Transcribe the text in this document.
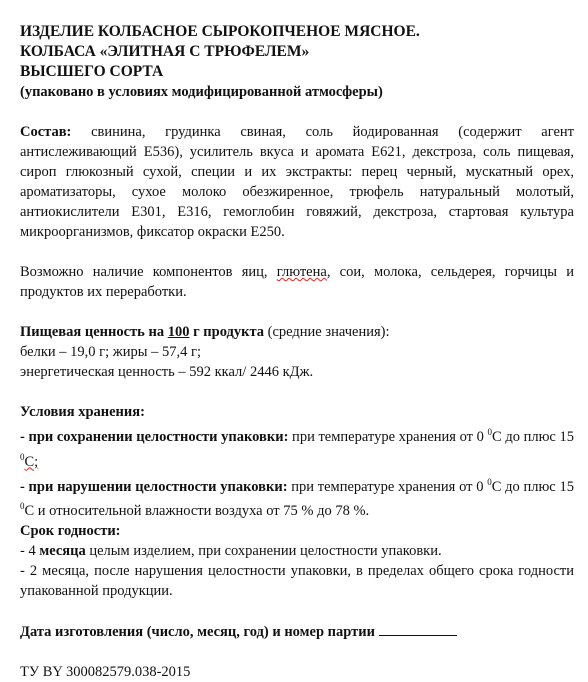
ИЗДЕЛИЕ КОЛБАСНОЕ СЫРОКОПЧЕНОЕ МЯСНОЕ.

КОЛБАСА «ЭЛИТНАЯ С ТРЮФЕЛЕМ»

ВЫСШЕГО СОРТА

(упаковано в условиях модифицированной атмосферы)

Состав: свинина, грудинка свиная, соль йодированная (содержит агент антислеживающий Е536), усилитель вкуса и аромата Е621, декстроза, соль пищевая, сироп глюкозный сухой, специи и их экстракты: перец черный, мускатный орех, ароматизаторы, сухое молоко обезжиренное, трюфель натуральный молотый, антиокислители Е301, Е316, гемоглобин говяжий, декстроза, стартовая культура микроорганизмов, фиксатор окраски Е250.

Возможно наличие компонентов яиц, глютена, сои, молока, сельдерея, горчицы и продуктов их переработки.

Пищевая ценность на 100 г продукта (средние значения):

белки – 19,0 г; жиры – 57,4 г;

энергетическая ценность – 592 ккал/ 2446 кДж.

Условия хранения:

- при сохранении целостности упаковки: при температуре хранения от 0 $^0$С до плюс 15 $^0$С;

- при нарушении целостности упаковки: при температуре хранения от 0 $^0$С до плюс 15 $^0$С и относительной влажности воздуха от 75 % до 78 %.

Срок годности:

- 4 месяца целым изделием, при сохранении целостности упаковки.

- 2 месяца, после нарушения целостности упаковки, в пределах общего срока годности упакованной продукции.

Дата изготовления (число, месяц, год) и номер партии

ТУ BY 300082579.038-2015
